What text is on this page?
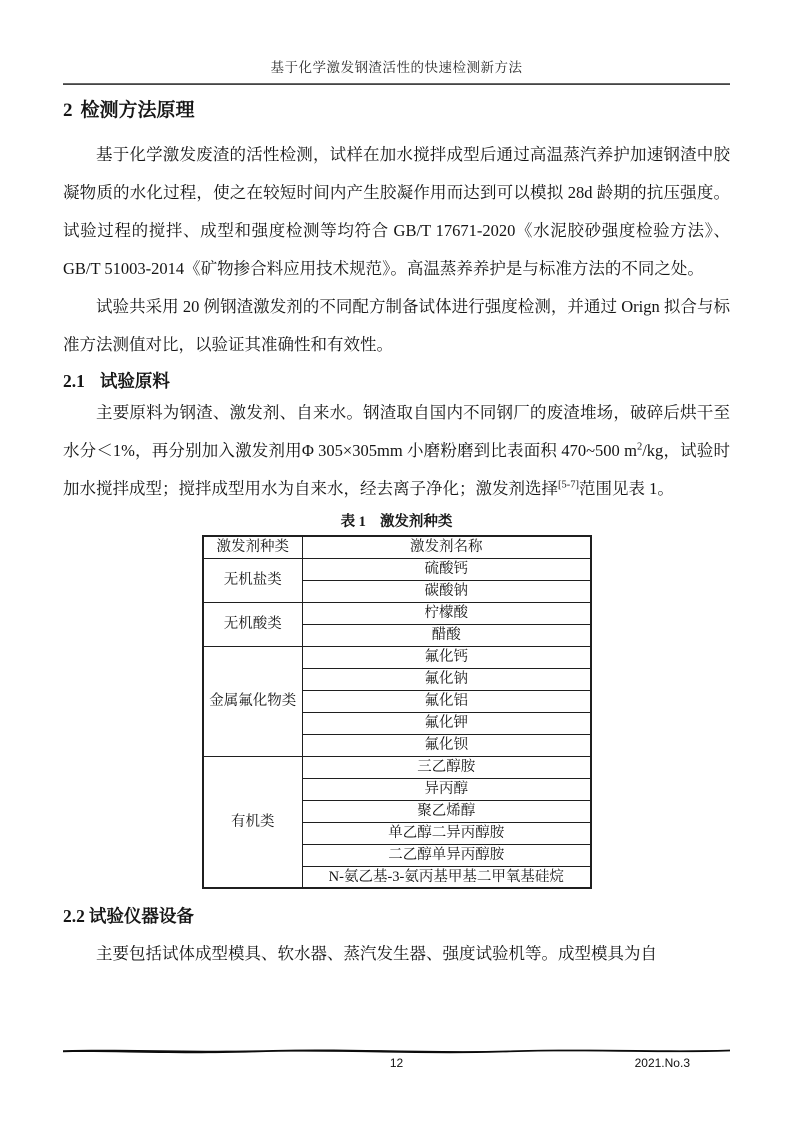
基于化学激发钢渣活性的快速检测新方法
2 检测方法原理

基于化学激发废渣的活性检测，试样在加水搅拌成型后通过高温蒸汽养护加速钢渣中胶凝物质的水化过程，使之在较短时间内产生胶凝作用而达到可以模拟 28d 龄期的抗压强度。试验过程的搅拌、成型和强度检测等均符合 GB/T 17671-2020《水泥胶砂强度检验方法》、GB/T 51003-2014《矿物掺合料应用技术规范》。高温蒸养养护是与标准方法的不同之处。

试验共采用 20 例钢渣激发剂的不同配方制备试体进行强度检测，并通过 Orign 拟合与标准方法测值对比，以验证其准确性和有效性。

2.1 试验原料

主要原料为钢渣、激发剂、自来水。钢渣取自国内不同钢厂的废渣堆场，破碎后烘干至水分＜1%，再分别加入激发剂用Φ 305×305mm 小磨粉磨到比表面积 470~500 $m^2/kg$，试验时加水搅拌成型；搅拌成型用水为自来水，经去离子净化；激发剂选择[5-7]范围见表 1。

表 1 激发剂种类
激发剂种类	激发剂名称
无机盐类	硫酸钙
	碳酸钠
无机酸类	柠檬酸
	醋酸
金属氟化物类	氟化钙
	氟化钠
	氟化铝
	氟化钾
	氟化钡
有机类	三乙醇胺
	异丙醇
	聚乙烯醇
	单乙醇二异丙醇胺
	二乙醇单异丙醇胺
	N-氨乙基-3-氨丙基甲基二甲氧基硅烷
2.2 试验仪器设备

主要包括试体成型模具、软水器、蒸汽发生器、强度试验机等。成型模具为自

12	2021.No.3
